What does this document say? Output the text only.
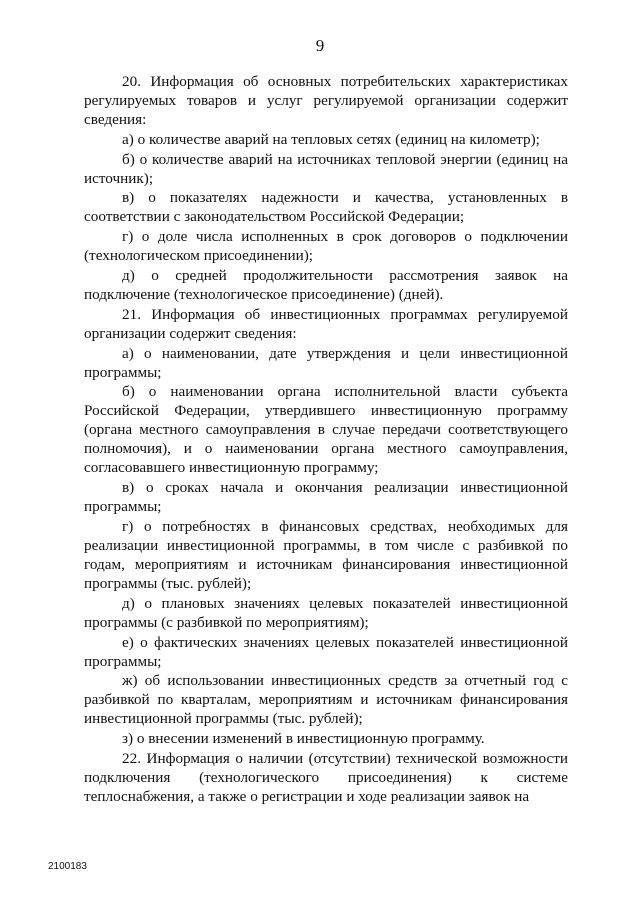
9

20. Информация об основных потребительских характеристиках регулируемых товаров и услуг регулируемой организации содержит сведения:

а) о количестве аварий на тепловых сетях (единиц на километр);

б) о количестве аварий на источниках тепловой энергии (единиц на источник);

в) о показателях надежности и качества, установленных в соответствии с законодательством Российской Федерации;

г) о доле числа исполненных в срок договоров о подключении (технологическом присоединении);

д) о средней продолжительности рассмотрения заявок на подключение (технологическое присоединение) (дней).

21. Информация об инвестиционных программах регулируемой организации содержит сведения:

а) о наименовании, дате утверждения и цели инвестиционной программы;

б) о наименовании органа исполнительной власти субъекта Российской Федерации, утвердившего инвестиционную программу (органа местного самоуправления в случае передачи соответствующего полномочия), и о наименовании органа местного самоуправления, согласовавшего инвестиционную программу;

в) о сроках начала и окончания реализации инвестиционной программы;

г) о потребностях в финансовых средствах, необходимых для реализации инвестиционной программы, в том числе с разбивкой по годам, мероприятиям и источникам финансирования инвестиционной программы (тыс. рублей);

д) о плановых значениях целевых показателей инвестиционной программы (с разбивкой по мероприятиям);

е) о фактических значениях целевых показателей инвестиционной программы;

ж) об использовании инвестиционных средств за отчетный год с разбивкой по кварталам, мероприятиям и источникам финансирования инвестиционной программы (тыс. рублей);

з) о внесении изменений в инвестиционную программу.

22. Информация о наличии (отсутствии) технической возможности подключения (технологического присоединения) к системе теплоснабжения, а также о регистрации и ходе реализации заявок на

2100183
